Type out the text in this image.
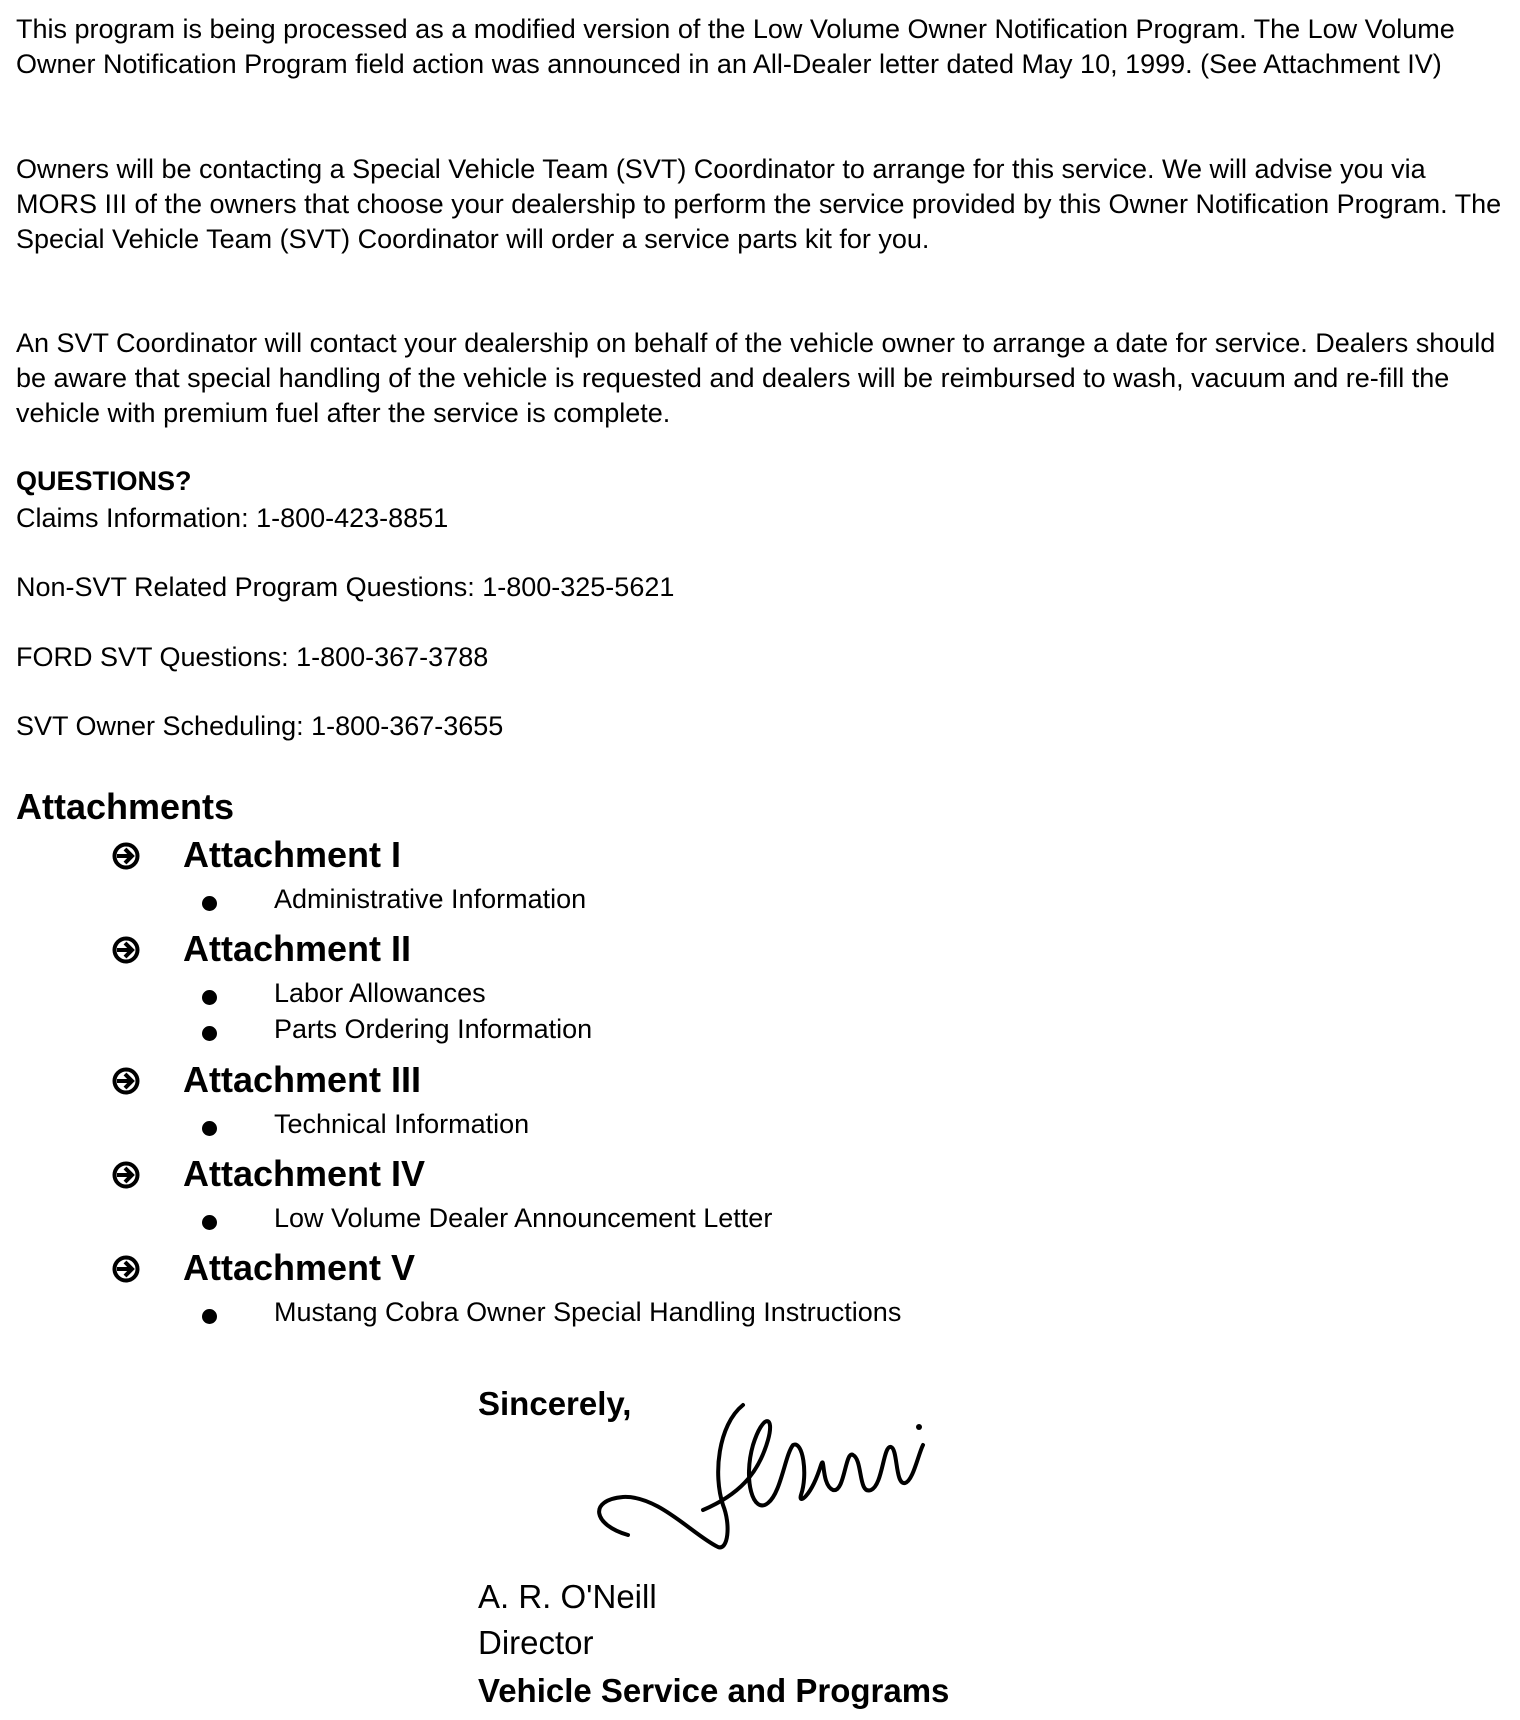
This program is being processed as a modified version of the Low Volume Owner Notification Program. The Low Volume Owner Notification Program field action was announced in an All-Dealer letter dated May 10, 1999. (See Attachment IV)

Owners will be contacting a Special Vehicle Team (SVT) Coordinator to arrange for this service. We will advise you via MORS III of the owners that choose your dealership to perform the service provided by this Owner Notification Program. The Special Vehicle Team (SVT) Coordinator will order a service parts kit for you.

An SVT Coordinator will contact your dealership on behalf of the vehicle owner to arrange a date for service. Dealers should be aware that special handling of the vehicle is requested and dealers will be reimbursed to wash, vacuum and re-fill the vehicle with premium fuel after the service is complete.

QUESTIONS?

Claims Information: 1-800-423-8851

Non-SVT Related Program Questions: 1-800-325-5621

FORD SVT Questions: 1-800-367-3788

SVT Owner Scheduling: 1-800-367-3655

Attachments

Attachment I
Administrative Information
Attachment II
Labor Allowances
Parts Ordering Information
Attachment III
Technical Information
Attachment IV
Low Volume Dealer Announcement Letter
Attachment V
Mustang Cobra Owner Special Handling Instructions

Sincerely,

A. R. O'Neill

Director

Vehicle Service and Programs
